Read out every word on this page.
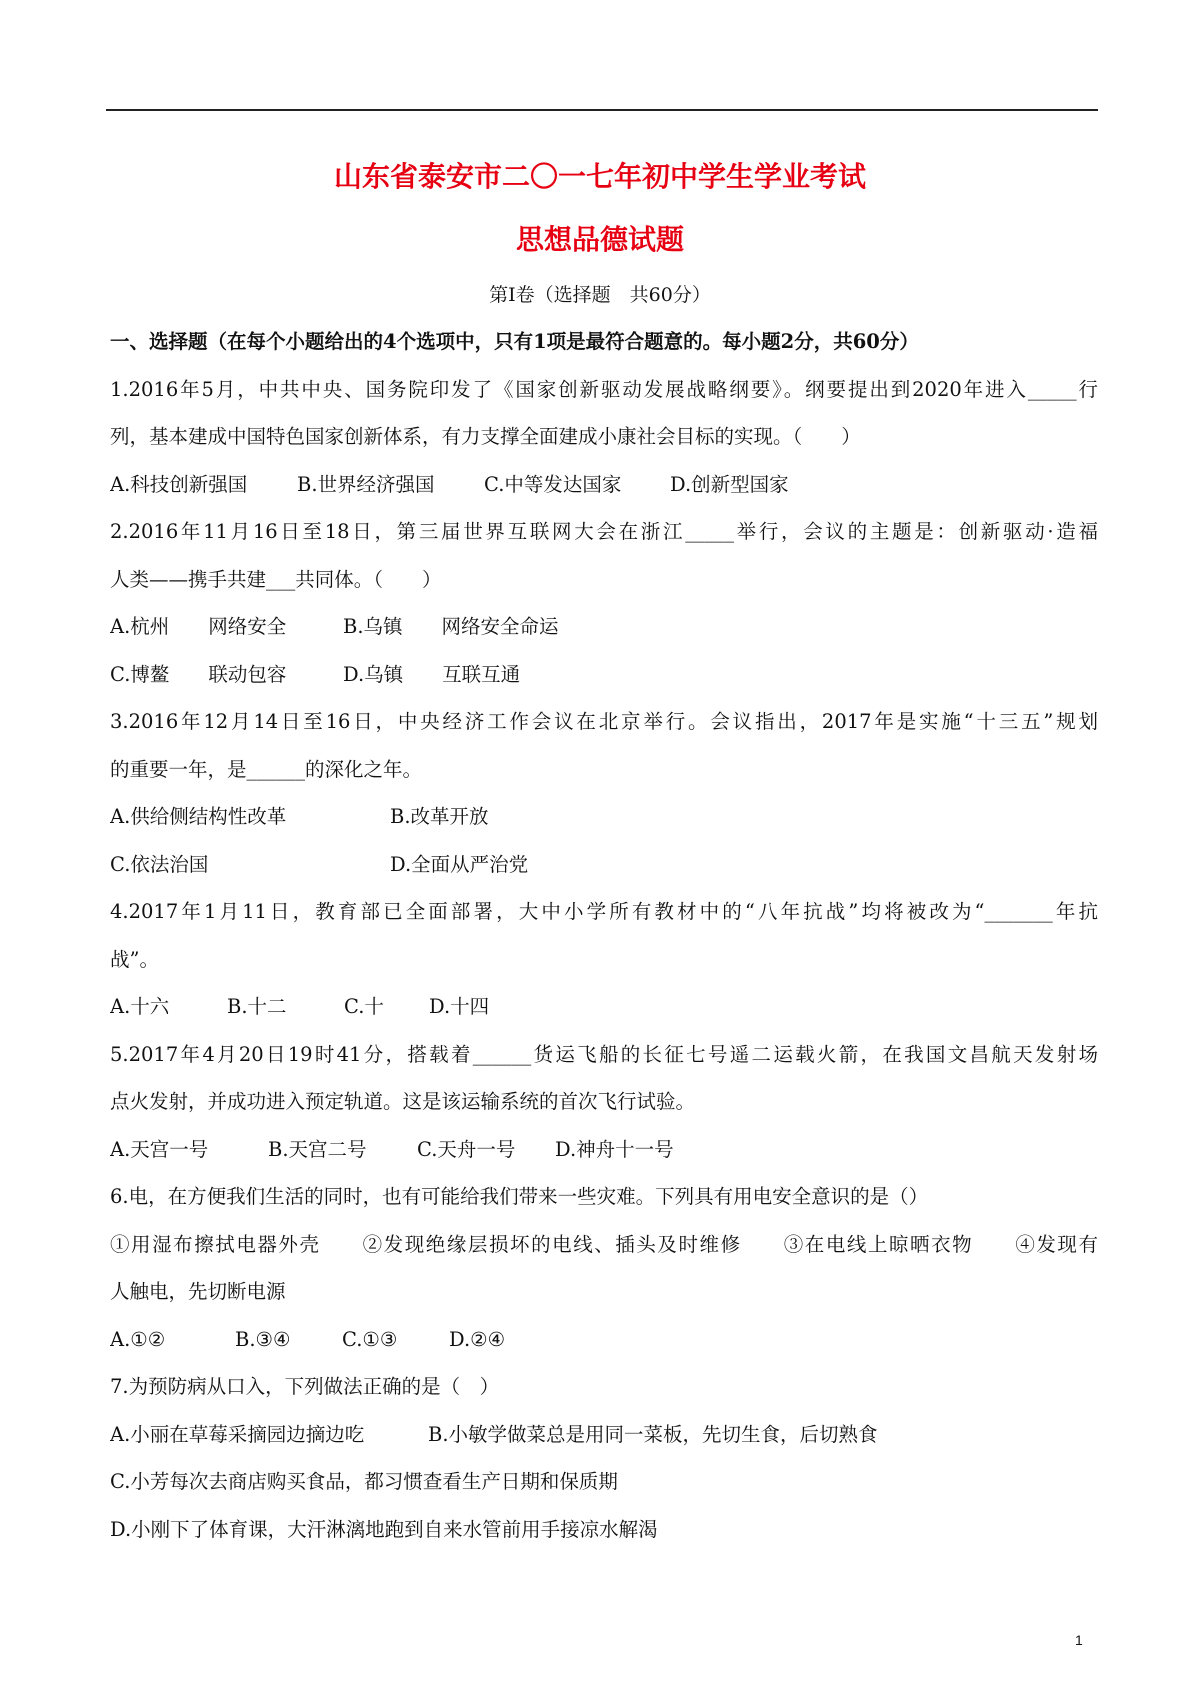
山东省泰安市二〇一七年初中学生学业考试
思想品德试题
第Ⅰ卷（选择题　共60分）
一、选择题（在每个小题给出的4个选项中，只有1项是最符合题意的。每小题2分，共60分）
1.2016年5月，中共中央、国务院印发了《国家创新驱动发展战略纲要》。纲要提出到2020年进入_____行
列，基本建成中国特色国家创新体系，有力支撑全面建成小康社会目标的实现。（　　）
A.科技创新强国	B.世界经济强国	C.中等发达国家 D.创新型国家
2.2016年11月16日至18日，第三届世界互联网大会在浙江_____举行，会议的主题是：创新驱动·造福
人类——携手共建___共同体。（　　）
A.杭州　　网络安全	B.乌镇　　网络安全命运
C.博鳌　　联动包容	D.乌镇　　互联互通
3.2016年12月14日至16日，中央经济工作会议在北京举行。会议指出，2017年是实施“十三五”规划
的重要一年，是______的深化之年。
A.供给侧结构性改革	B.改革开放
C.依法治国	D.全面从严治党
4.2017年1月11日，教育部已全面部署，大中小学所有教材中的“八年抗战”均将被改为“_______年抗
战”。
A.十六	B.十二	C.十 D.十四
5.2017年4月20日19时41分，搭载着______货运飞船的长征七号遥二运载火箭，在我国文昌航天发射场
点火发射，并成功进入预定轨道。这是该运输系统的首次飞行试验。
A.天宫一号	B.天宫二号	C.天舟一号 D.神舟十一号
6.电，在方便我们生活的同时，也有可能给我们带来一些灾难。下列具有用电安全意识的是（）
①用湿布擦拭电器外壳　　②发现绝缘层损坏的电线、插头及时维修　　③在电线上晾晒衣物　　④发现有
人触电，先切断电源
A.①②	B.③④	C.①③	D.②④
7.为预防病从口入，下列做法正确的是（　）
A.小丽在草莓采摘园边摘边吃	B.小敏学做菜总是用同一菜板，先切生食，后切熟食
C.小芳每次去商店购买食品，都习惯查看生产日期和保质期
D.小刚下了体育课，大汗淋漓地跑到自来水管前用手接凉水解渴
1
